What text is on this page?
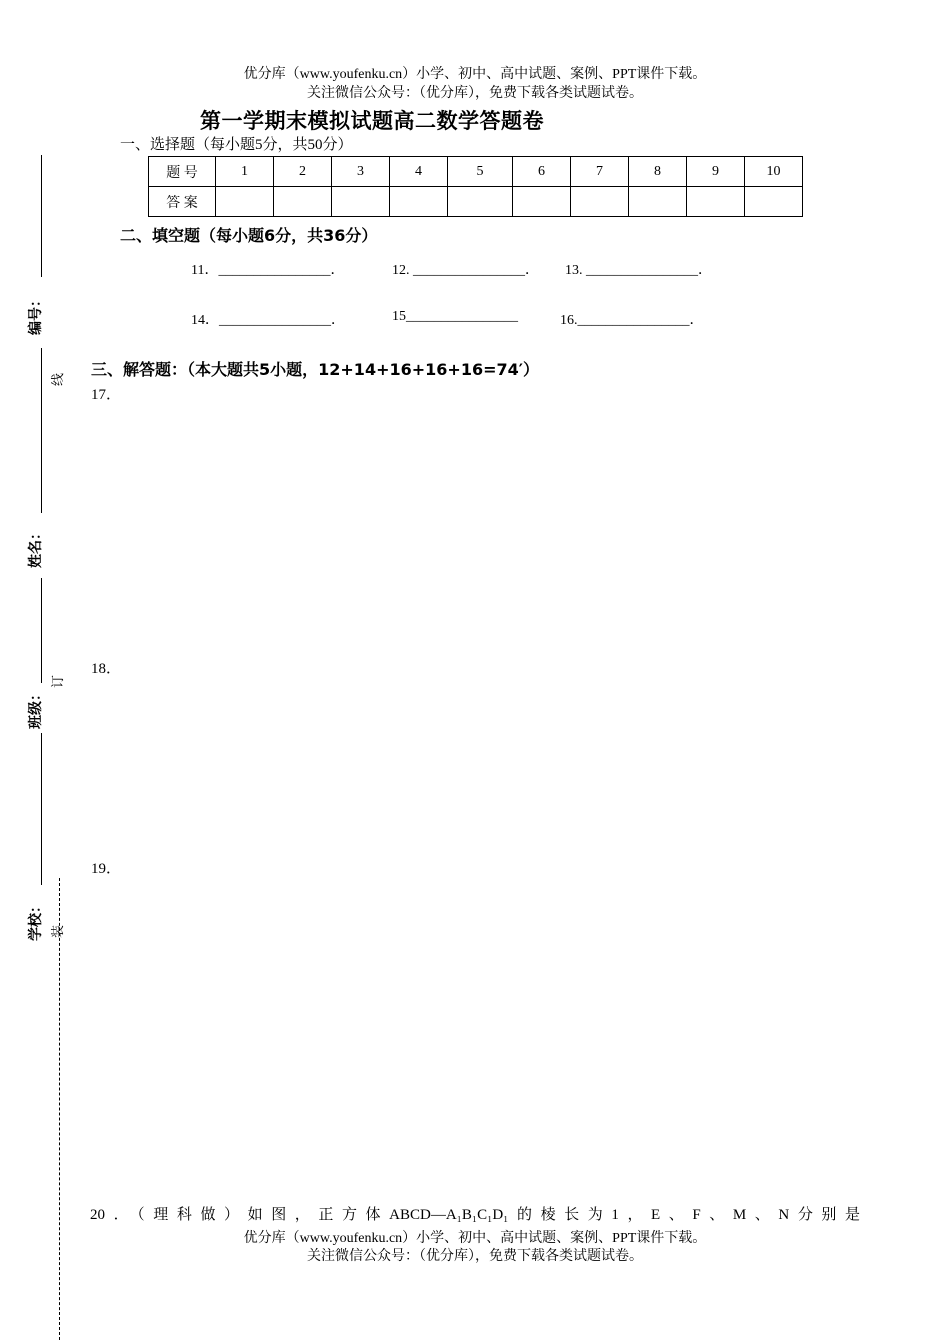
优分库（www.youfenku.cn）小学、初中、高中试题、案例、PPT课件下载。
关注微信公众号：（优分库），免费下载各类试题试卷。
第一学期末模拟试题高二数学答题卷
一、选择题（每小题5分，共50分）
题 号	1	2	3	4	5	6	7	8	9	10
答 案										
二、填空题（每小题6分，共36分）
11．________________．	12. ________________． 13. ________________．
14．________________．	15________________	16.________________．
三、解答题：（本大题共5小题，12+14+16+16+16=74′）
17．
18．
19．
20．（理科做）如图，正方体ABCD—A₁B₁C₁D₁的棱长为1，E、F、M、N分别是
编号：
姓名：
班级：
学校：
线
订
装
优分库（www.youfenku.cn）小学、初中、高中试题、案例、PPT课件下载。
关注微信公众号：（优分库），免费下载各类试题试卷。
